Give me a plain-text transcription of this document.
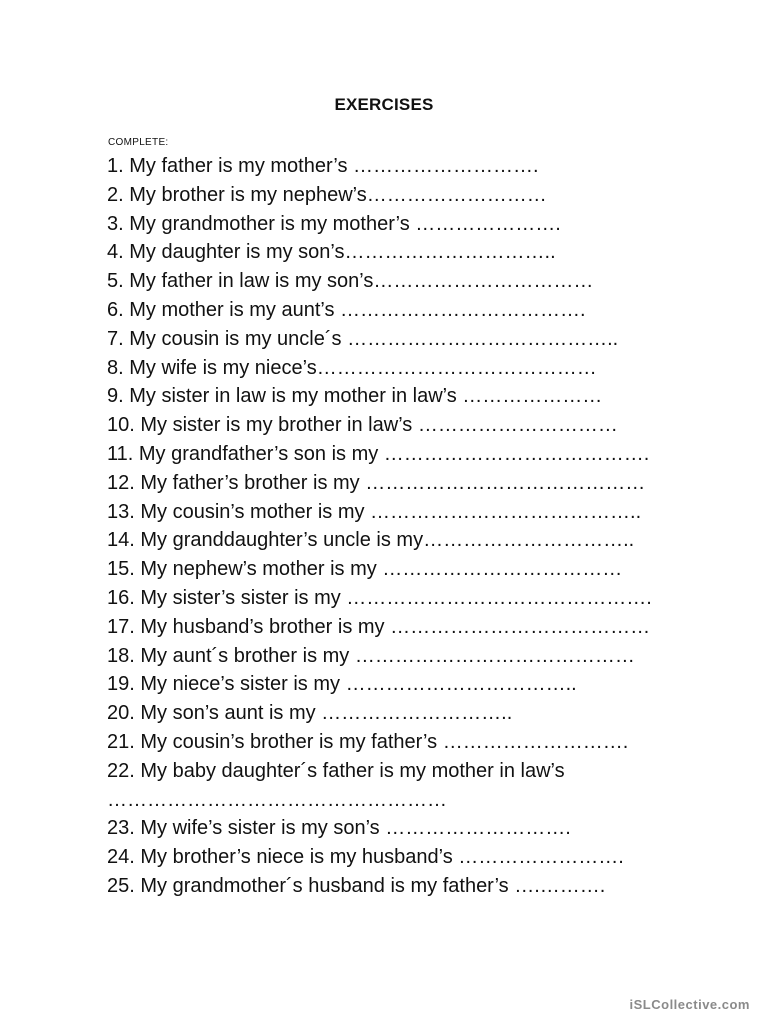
EXERCISES
COMPLETE:
1. My father is my mother’s ……………………….
2. My brother is my nephew’s………………………
3. My grandmother is my mother’s ………………….
4. My daughter is my son’s…………………………..
5. My father in law is my son’s……………………………
6. My mother is my aunt’s ……………………………….
7. My cousin is my uncle´s …………………………………..
8. My wife is my niece’s……………………………………
9. My sister in law is my mother in law’s …………………
10. My sister is my brother in law’s …………………………
11. My grandfather’s son is my ………………………………….
12. My father’s brother is my ……………………………………
13. My cousin’s mother is my …………………………………..
14. My granddaughter’s uncle is my…………………………..
15. My nephew’s mother is my ………………………………
16. My sister’s sister is my ……………………………………….
17. My husband’s brother is my …………………………………
18. My aunt´s brother is my ……………………………………
19. My niece’s sister is my ……………………………..
20. My son’s aunt is my ………………………..
21. My cousin’s brother is my father’s ……………………….
22. My baby daughter´s father is my mother in law’s
……………………………………………
23. My wife’s sister is my son’s ……………………….
24. My brother’s niece is my husband’s …………………….
25. My grandmother´s husband is my father’s ….……….
iSLCollective.com
